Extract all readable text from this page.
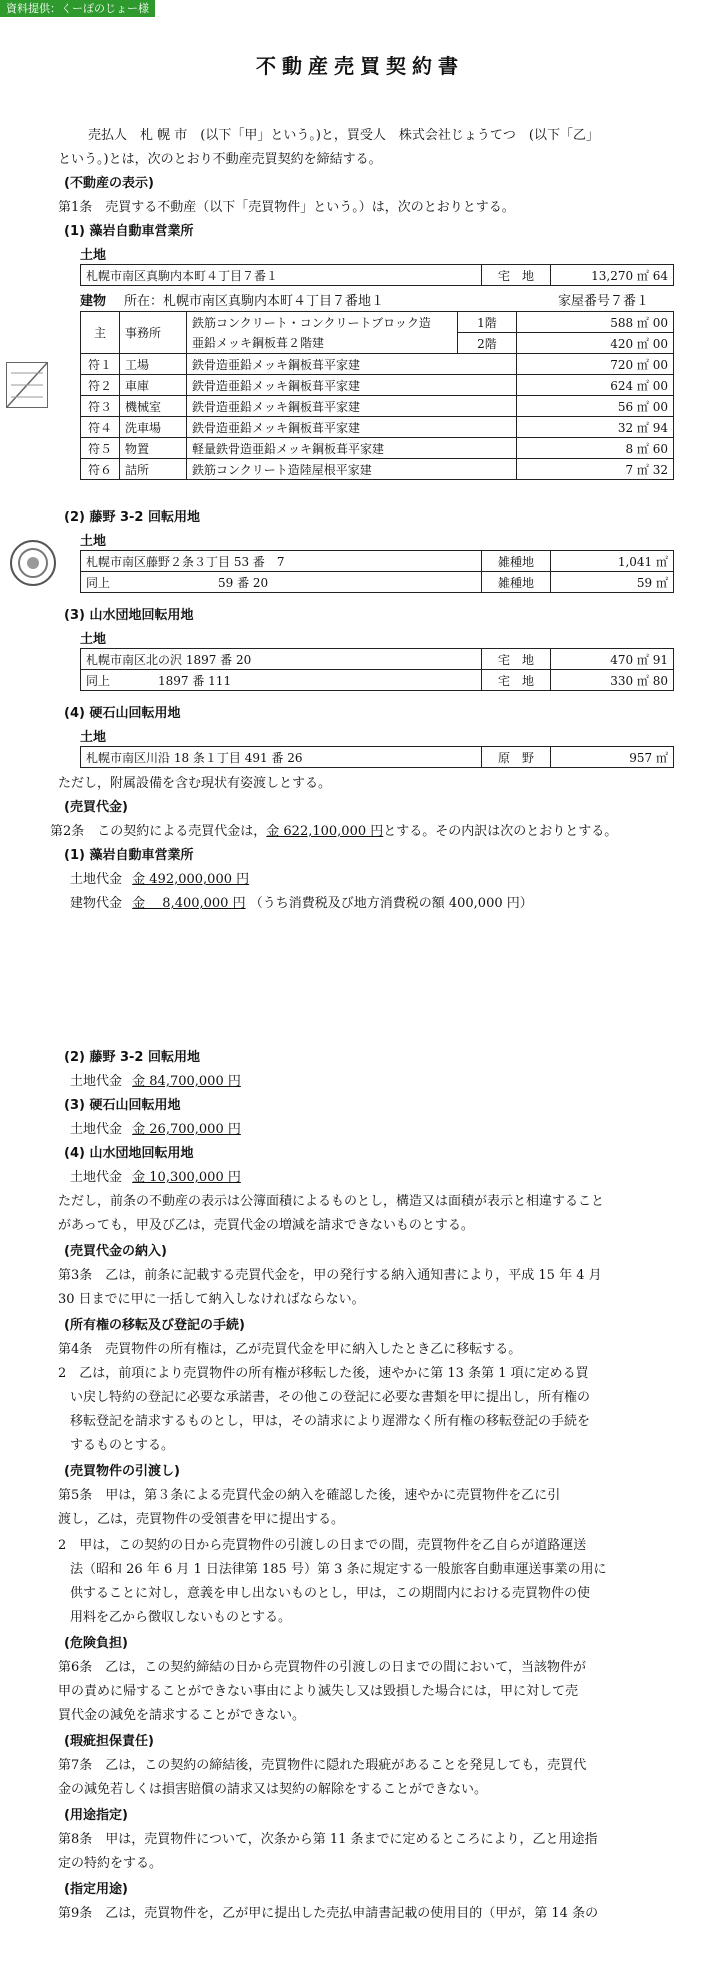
資料提供：くーぽのじょー様
不動産売買契約書
売払人　札 幌 市　(以下「甲」という。)と，買受人　株式会社じょうてつ　(以下「乙」
という。)とは，次のとおり不動産売買契約を締結する。
(不動産の表示)
第1条　売買する不動産（以下「売買物件」という。）は，次のとおりとする。
(1) 藻岩自動車営業所
土地
札幌市南区真駒内本町４丁目７番１	宅　地	13,270 ㎡ 64
建物 所在：札幌市南区真駒内本町４丁目７番地１	家屋番号７番１
主	事務所	鉄筋コンクリート・コンクリートブロック造	1階	588 ㎡ 00
		亜鉛メッキ鋼板葺２階建	2階	420 ㎡ 00
符１	工場	鉄骨造亜鉛メッキ鋼板葺平家建		720 ㎡ 00
符２	車庫	鉄骨造亜鉛メッキ鋼板葺平家建		624 ㎡ 00
符３	機械室	鉄骨造亜鉛メッキ鋼板葺平家建		56 ㎡ 00
符４	洗車場	鉄骨造亜鉛メッキ鋼板葺平家建		32 ㎡ 94
符５	物置	軽量鉄骨造亜鉛メッキ鋼板葺平家建		8 ㎡ 60
符６	詰所	鉄筋コンクリート造陸屋根平家建		7 ㎡ 32
(2) 藤野 3-2 回転用地
土地
札幌市南区藤野２条３丁目 53 番　7	雑種地	1,041 ㎡
同上　　　　　　　　　59 番 20	雑種地	59 ㎡
(3) 山水団地回転用地
土地
札幌市南区北の沢 1897 番 20	宅　地	470 ㎡ 91
同上　　　　1897 番 111	宅　地	330 ㎡ 80
(4) 硬石山回転用地
土地
札幌市南区川沿 18 条１丁目 491 番 26	原　野	957 ㎡
ただし，附属設備を含む現状有姿渡しとする。
(売買代金)
第2条　この契約による売買代金は，金 622,100,000 円とする。その内訳は次のとおりとする。
(1) 藻岩自動車営業所
土地代金 金 492,000,000 円
建物代金 金　 8,400,000 円 （うち消費税及び地方消費税の額 400,000 円）
(2) 藤野 3-2 回転用地
土地代金 金 84,700,000 円
(3) 硬石山回転用地
土地代金 金 26,700,000 円
(4) 山水団地回転用地
土地代金 金 10,300,000 円
ただし，前条の不動産の表示は公簿面積によるものとし，構造又は面積が表示と相違すること
があっても，甲及び乙は，売買代金の増減を請求できないものとする。
(売買代金の納入)
第3条　乙は，前条に記載する売買代金を，甲の発行する納入通知書により，平成 15 年 4 月
30 日までに甲に一括して納入しなければならない。
(所有権の移転及び登記の手続)
第4条　売買物件の所有権は，乙が売買代金を甲に納入したとき乙に移転する。
2　乙は，前項により売買物件の所有権が移転した後，速やかに第 13 条第 1 項に定める買
い戻し特約の登記に必要な承諾書，その他この登記に必要な書類を甲に提出し，所有権の
移転登記を請求するものとし，甲は，その請求により遅滞なく所有権の移転登記の手続を
するものとする。
(売買物件の引渡し)
第5条　甲は，第３条による売買代金の納入を確認した後，速やかに売買物件を乙に引
渡し，乙は，売買物件の受領書を甲に提出する。
2　甲は，この契約の日から売買物件の引渡しの日までの間，売買物件を乙自らが道路運送
法（昭和 26 年 6 月 1 日法律第 185 号）第 3 条に規定する一般旅客自動車運送事業の用に
供することに対し，意義を申し出ないものとし，甲は，この期間内における売買物件の使
用料を乙から徴収しないものとする。
(危険負担)
第6条　乙は，この契約締結の日から売買物件の引渡しの日までの間において，当該物件が
甲の責めに帰することができない事由により滅失し又は毀損した場合には，甲に対して売
買代金の減免を請求することができない。
(瑕疵担保責任)
第7条　乙は，この契約の締結後，売買物件に隠れた瑕疵があることを発見しても，売買代
金の減免若しくは損害賠償の請求又は契約の解除をすることができない。
(用途指定)
第8条　甲は，売買物件について，次条から第 11 条までに定めるところにより，乙と用途指
定の特約をする。
(指定用途)
第9条　乙は，売買物件を，乙が甲に提出した売払申請書記載の使用目的（甲が，第 14 条の
